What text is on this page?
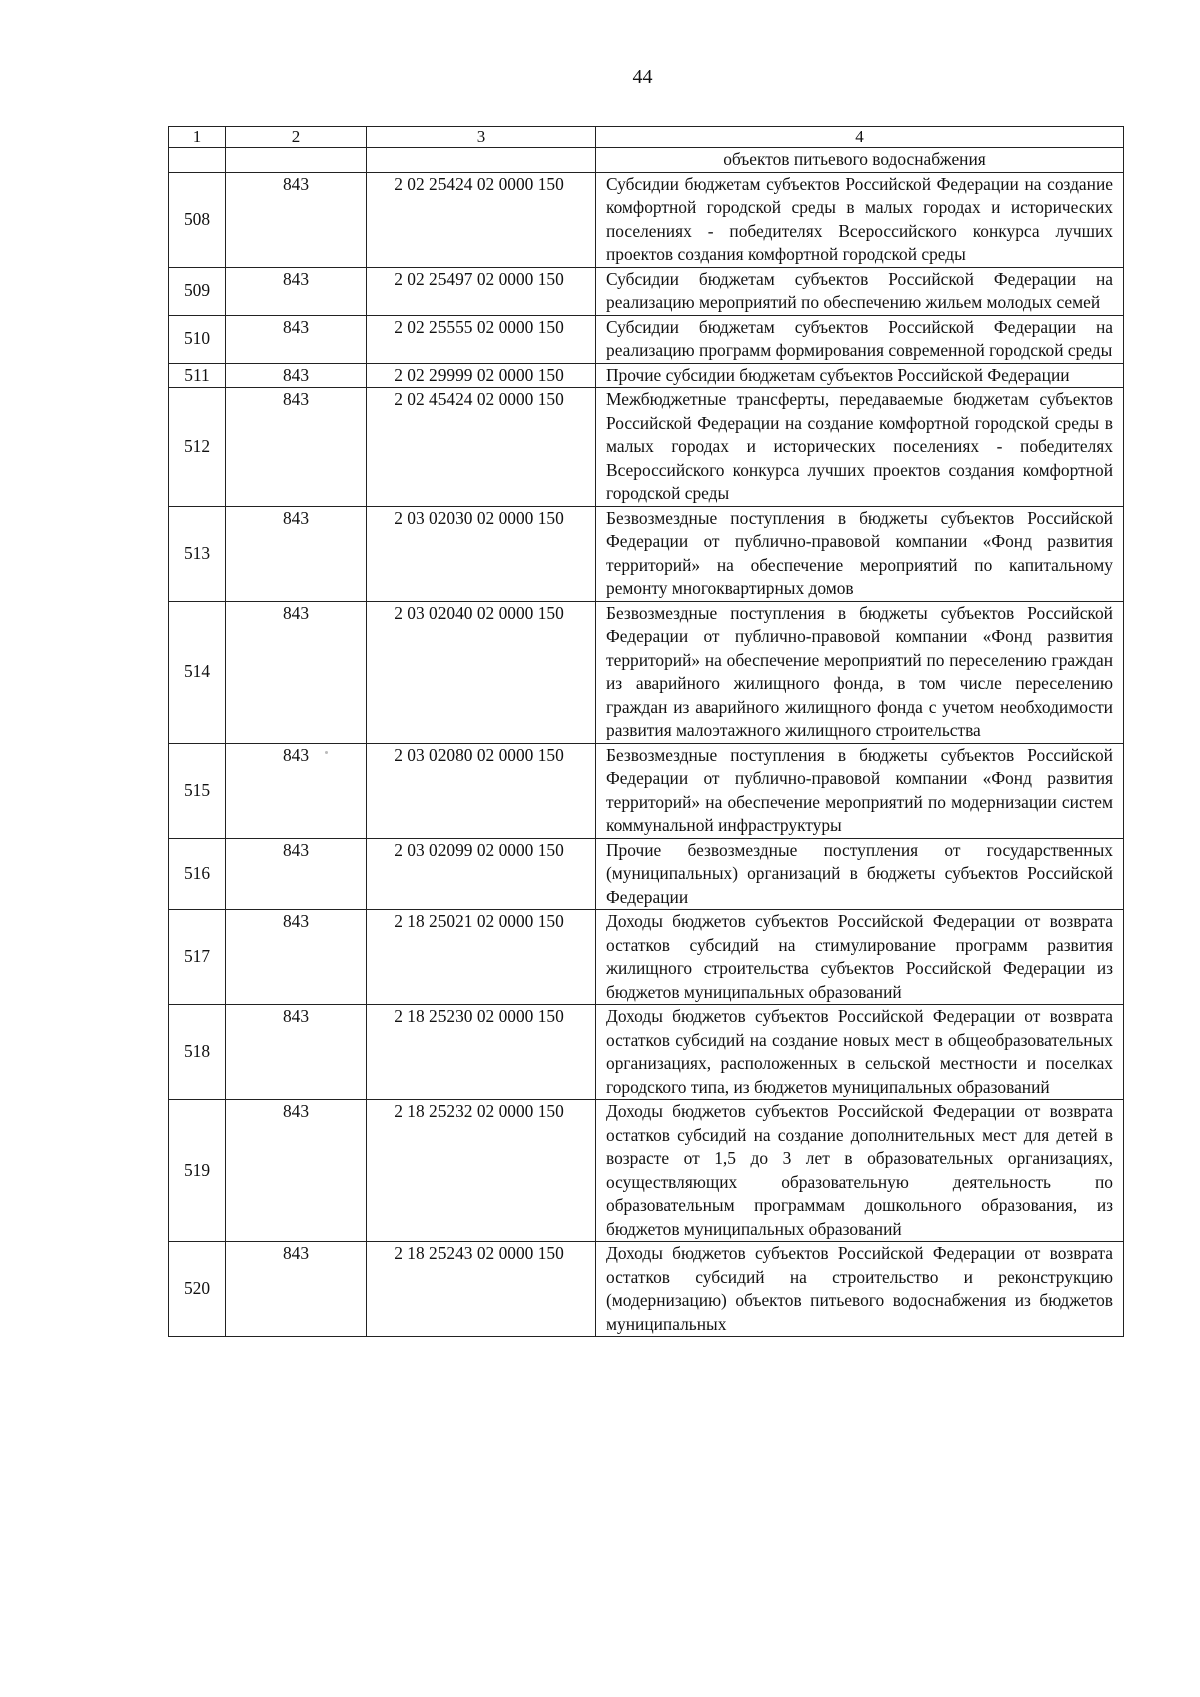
44
1	2	3	4
			объектов питьевого водоснабжения
508	843	2 02 25424 02 0000 150	Субсидии бюджетам субъектов Российской Федерации на создание комфортной городской среды в малых городах и исторических поселениях - победителях Всероссийского конкурса лучших проектов создания комфортной городской среды
509	843	2 02 25497 02 0000 150	Субсидии бюджетам субъектов Российской Федерации на реализацию мероприятий по обеспечению жильем молодых семей
510	843	2 02 25555 02 0000 150	Субсидии бюджетам субъектов Российской Федерации на реализацию программ формирования современной городской среды
511	843	2 02 29999 02 0000 150	Прочие субсидии бюджетам субъектов Российской Федерации
512	843	2 02 45424 02 0000 150	Межбюджетные трансферты, передаваемые бюджетам субъектов Российской Федерации на создание комфортной городской среды в малых городах и исторических поселениях - победителях Всероссийского конкурса лучших проектов создания комфортной городской среды
513	843	2 03 02030 02 0000 150	Безвозмездные поступления в бюджеты субъектов Российской Федерации от публично-правовой компании «Фонд развития территорий» на обеспечение мероприятий по капитальному ремонту многоквартирных домов
514	843	2 03 02040 02 0000 150	Безвозмездные поступления в бюджеты субъектов Российской Федерации от публично-правовой компании «Фонд развития территорий» на обеспечение мероприятий по переселению граждан из аварийного жилищного фонда, в том числе переселению граждан из аварийного жилищного фонда с учетом необходимости развития малоэтажного жилищного строительства
515	843	2 03 02080 02 0000 150	Безвозмездные поступления в бюджеты субъектов Российской Федерации от публично-правовой компании «Фонд развития территорий» на обеспечение мероприятий по модернизации систем коммунальной инфраструктуры
516	843	2 03 02099 02 0000 150	Прочие безвозмездные поступления от государственных (муниципальных) организаций в бюджеты субъектов Российской Федерации
517	843	2 18 25021 02 0000 150	Доходы бюджетов субъектов Российской Федерации от возврата остатков субсидий на стимулирование программ развития жилищного строительства субъектов Российской Федерации из бюджетов муниципальных образований
518	843	2 18 25230 02 0000 150	Доходы бюджетов субъектов Российской Федерации от возврата остатков субсидий на создание новых мест в общеобразовательных организациях, расположенных в сельской местности и поселках городского типа, из бюджетов муниципальных образований
519	843	2 18 25232 02 0000 150	Доходы бюджетов субъектов Российской Федерации от возврата остатков субсидий на создание дополнительных мест для детей в возрасте от 1,5 до 3 лет в образовательных организациях, осуществляющих образовательную деятельность по образовательным программам дошкольного образования, из бюджетов муниципальных образований
520	843	2 18 25243 02 0000 150	Доходы бюджетов субъектов Российской Федерации от возврата остатков субсидий на строительство и реконструкцию (модернизацию) объектов питьевого водоснабжения из бюджетов муниципальных
